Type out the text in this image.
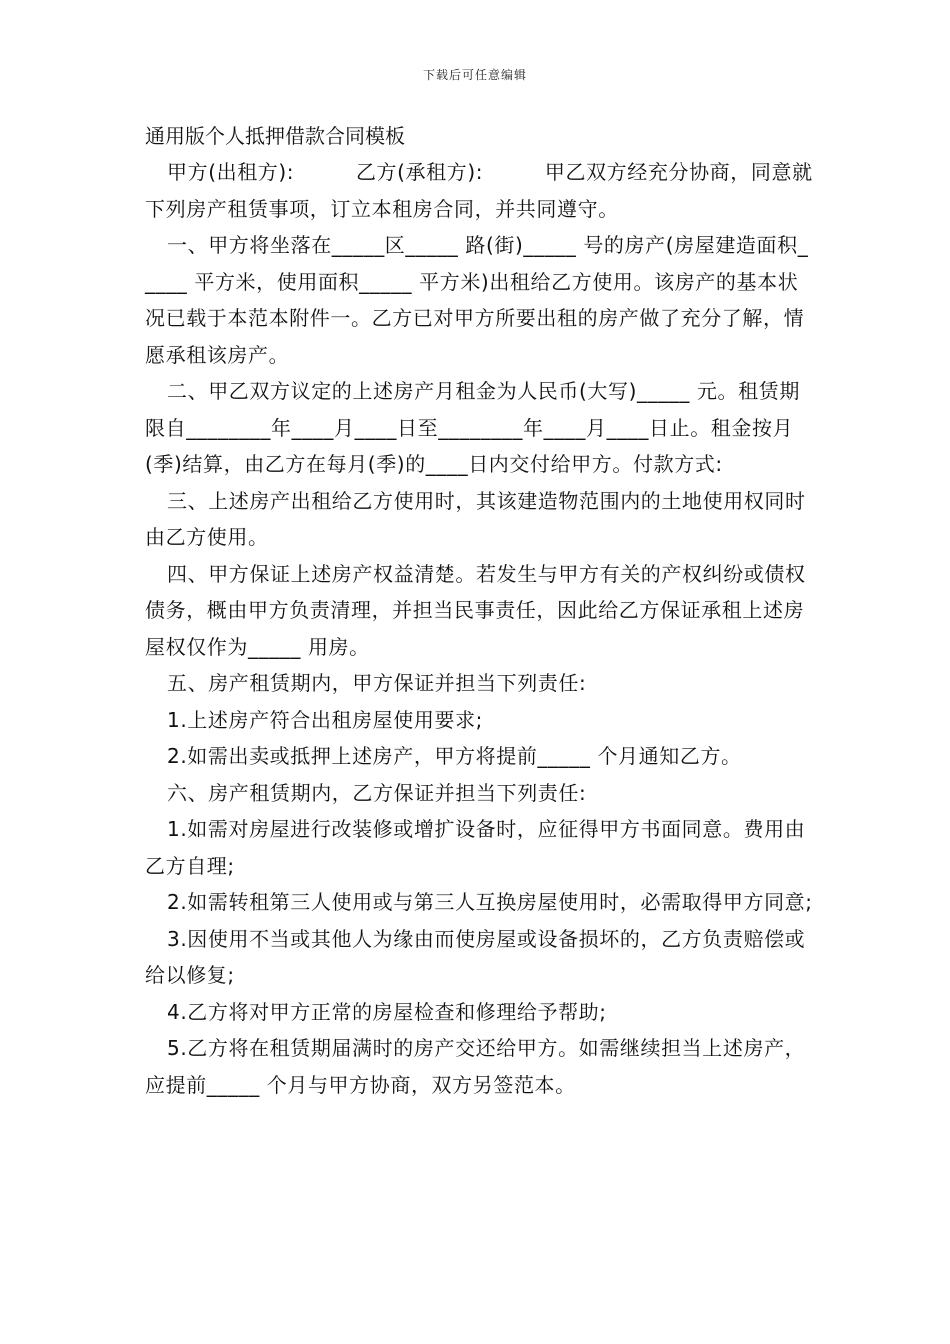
下载后可任意编辑

通用版个人抵押借款合同模板

甲方(出租方):　　　乙方(承租方):　　　甲乙双方经充分协商，同意就下列房产租赁事项，订立本租房合同，并共同遵守。

一、甲方将坐落在_____区_____ 路(街)_____ 号的房产(房屋建造面积_____ 平方米，使用面积_____ 平方米)出租给乙方使用。该房产的基本状况已载于本范本附件一。乙方已对甲方所要出租的房产做了充分了解，情愿承租该房产。

二、甲乙双方议定的上述房产月租金为人民币(大写)_____ 元。租赁期限自________年____月____日至________年____月____日止。租金按月(季)结算，由乙方在每月(季)的____日内交付给甲方。付款方式:

三、上述房产出租给乙方使用时，其该建造物范围内的土地使用权同时由乙方使用。

四、甲方保证上述房产权益清楚。若发生与甲方有关的产权纠纷或债权债务，概由甲方负责清理，并担当民事责任，因此给乙方保证承租上述房屋权仅作为_____ 用房。

五、房产租赁期内，甲方保证并担当下列责任:

1.上述房产符合出租房屋使用要求;

2.如需出卖或抵押上述房产，甲方将提前_____ 个月通知乙方。

六、房产租赁期内，乙方保证并担当下列责任:

1.如需对房屋进行改装修或增扩设备时，应征得甲方书面同意。费用由乙方自理;

2.如需转租第三人使用或与第三人互换房屋使用时，必需取得甲方同意;

3.因使用不当或其他人为缘由而使房屋或设备损坏的，乙方负责赔偿或给以修复;

4.乙方将对甲方正常的房屋检查和修理给予帮助;

5.乙方将在租赁期届满时的房产交还给甲方。如需继续担当上述房产，应提前_____ 个月与甲方协商，双方另签范本。
